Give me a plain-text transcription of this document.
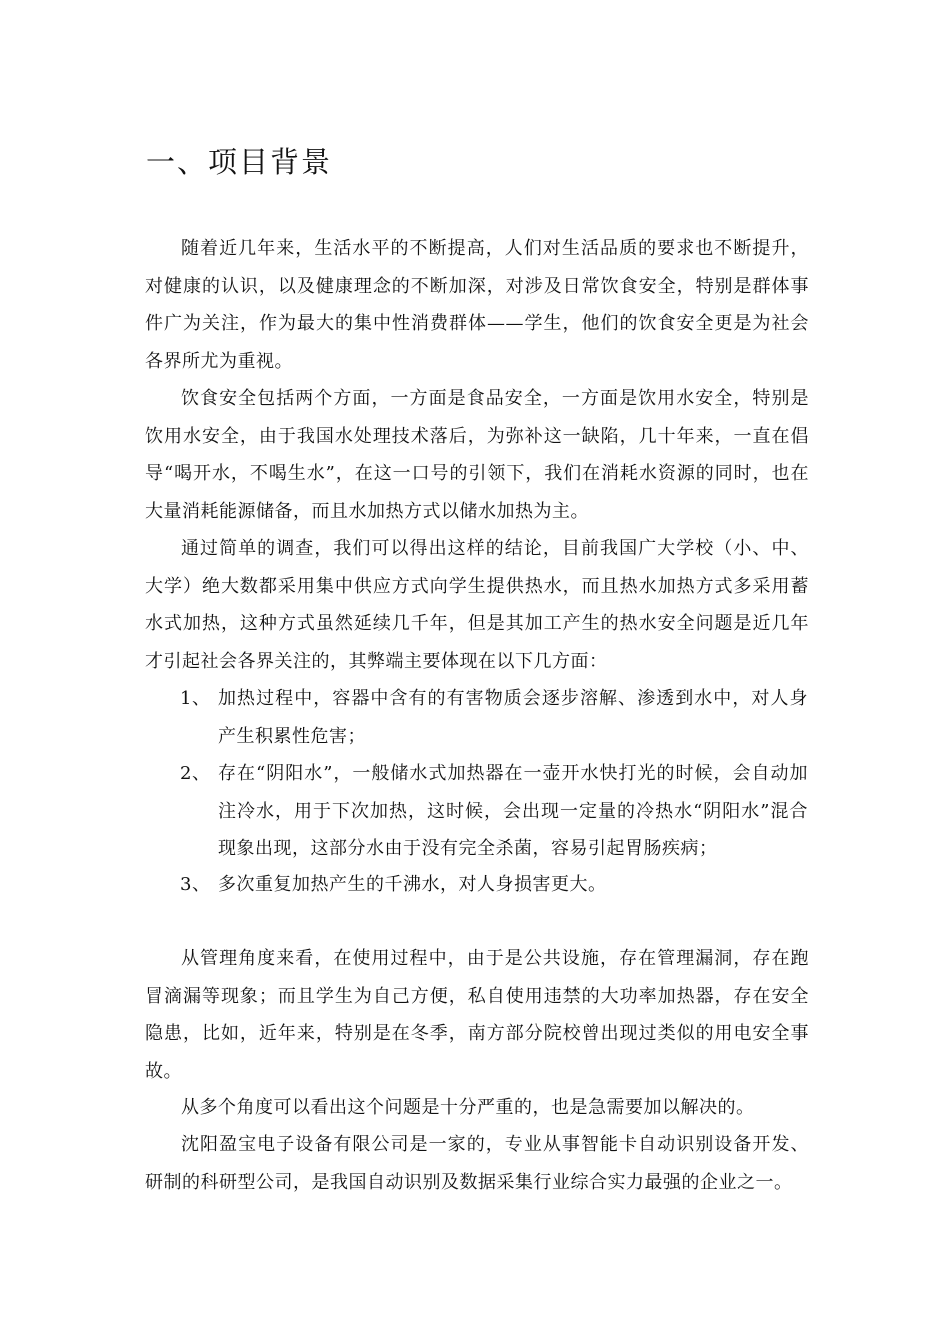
一、项目背景

随着近几年来，生活水平的不断提高，人们对生活品质的要求也不断提升，对健康的认识，以及健康理念的不断加深，对涉及日常饮食安全，特别是群体事件广为关注，作为最大的集中性消费群体——学生，他们的饮食安全更是为社会各界所尤为重视。

饮食安全包括两个方面，一方面是食品安全，一方面是饮用水安全，特别是饮用水安全，由于我国水处理技术落后，为弥补这一缺陷，几十年来，一直在倡导“喝开水，不喝生水”，在这一口号的引领下，我们在消耗水资源的同时，也在大量消耗能源储备，而且水加热方式以储水加热为主。

通过简单的调查，我们可以得出这样的结论，目前我国广大学校（小、中、大学）绝大数都采用集中供应方式向学生提供热水，而且热水加热方式多采用蓄水式加热，这种方式虽然延续几千年，但是其加工产生的热水安全问题是近几年才引起社会各界关注的，其弊端主要体现在以下几方面：

1、 加热过程中，容器中含有的有害物质会逐步溶解、渗透到水中，对人身产生积累性危害；
2、 存在“阴阳水”，一般储水式加热器在一壶开水快打光的时候，会自动加注冷水，用于下次加热，这时候，会出现一定量的冷热水“阴阳水”混合现象出现，这部分水由于没有完全杀菌，容易引起胃肠疾病；
3、 多次重复加热产生的千沸水，对人身损害更大。

从管理角度来看，在使用过程中，由于是公共设施，存在管理漏洞，存在跑冒滴漏等现象；而且学生为自己方便，私自使用违禁的大功率加热器，存在安全隐患，比如，近年来，特别是在冬季，南方部分院校曾出现过类似的用电安全事故。

从多个角度可以看出这个问题是十分严重的，也是急需要加以解决的。

沈阳盈宝电子设备有限公司是一家的，专业从事智能卡自动识别设备开发、研制的科研型公司，是我国自动识别及数据采集行业综合实力最强的企业之一。
